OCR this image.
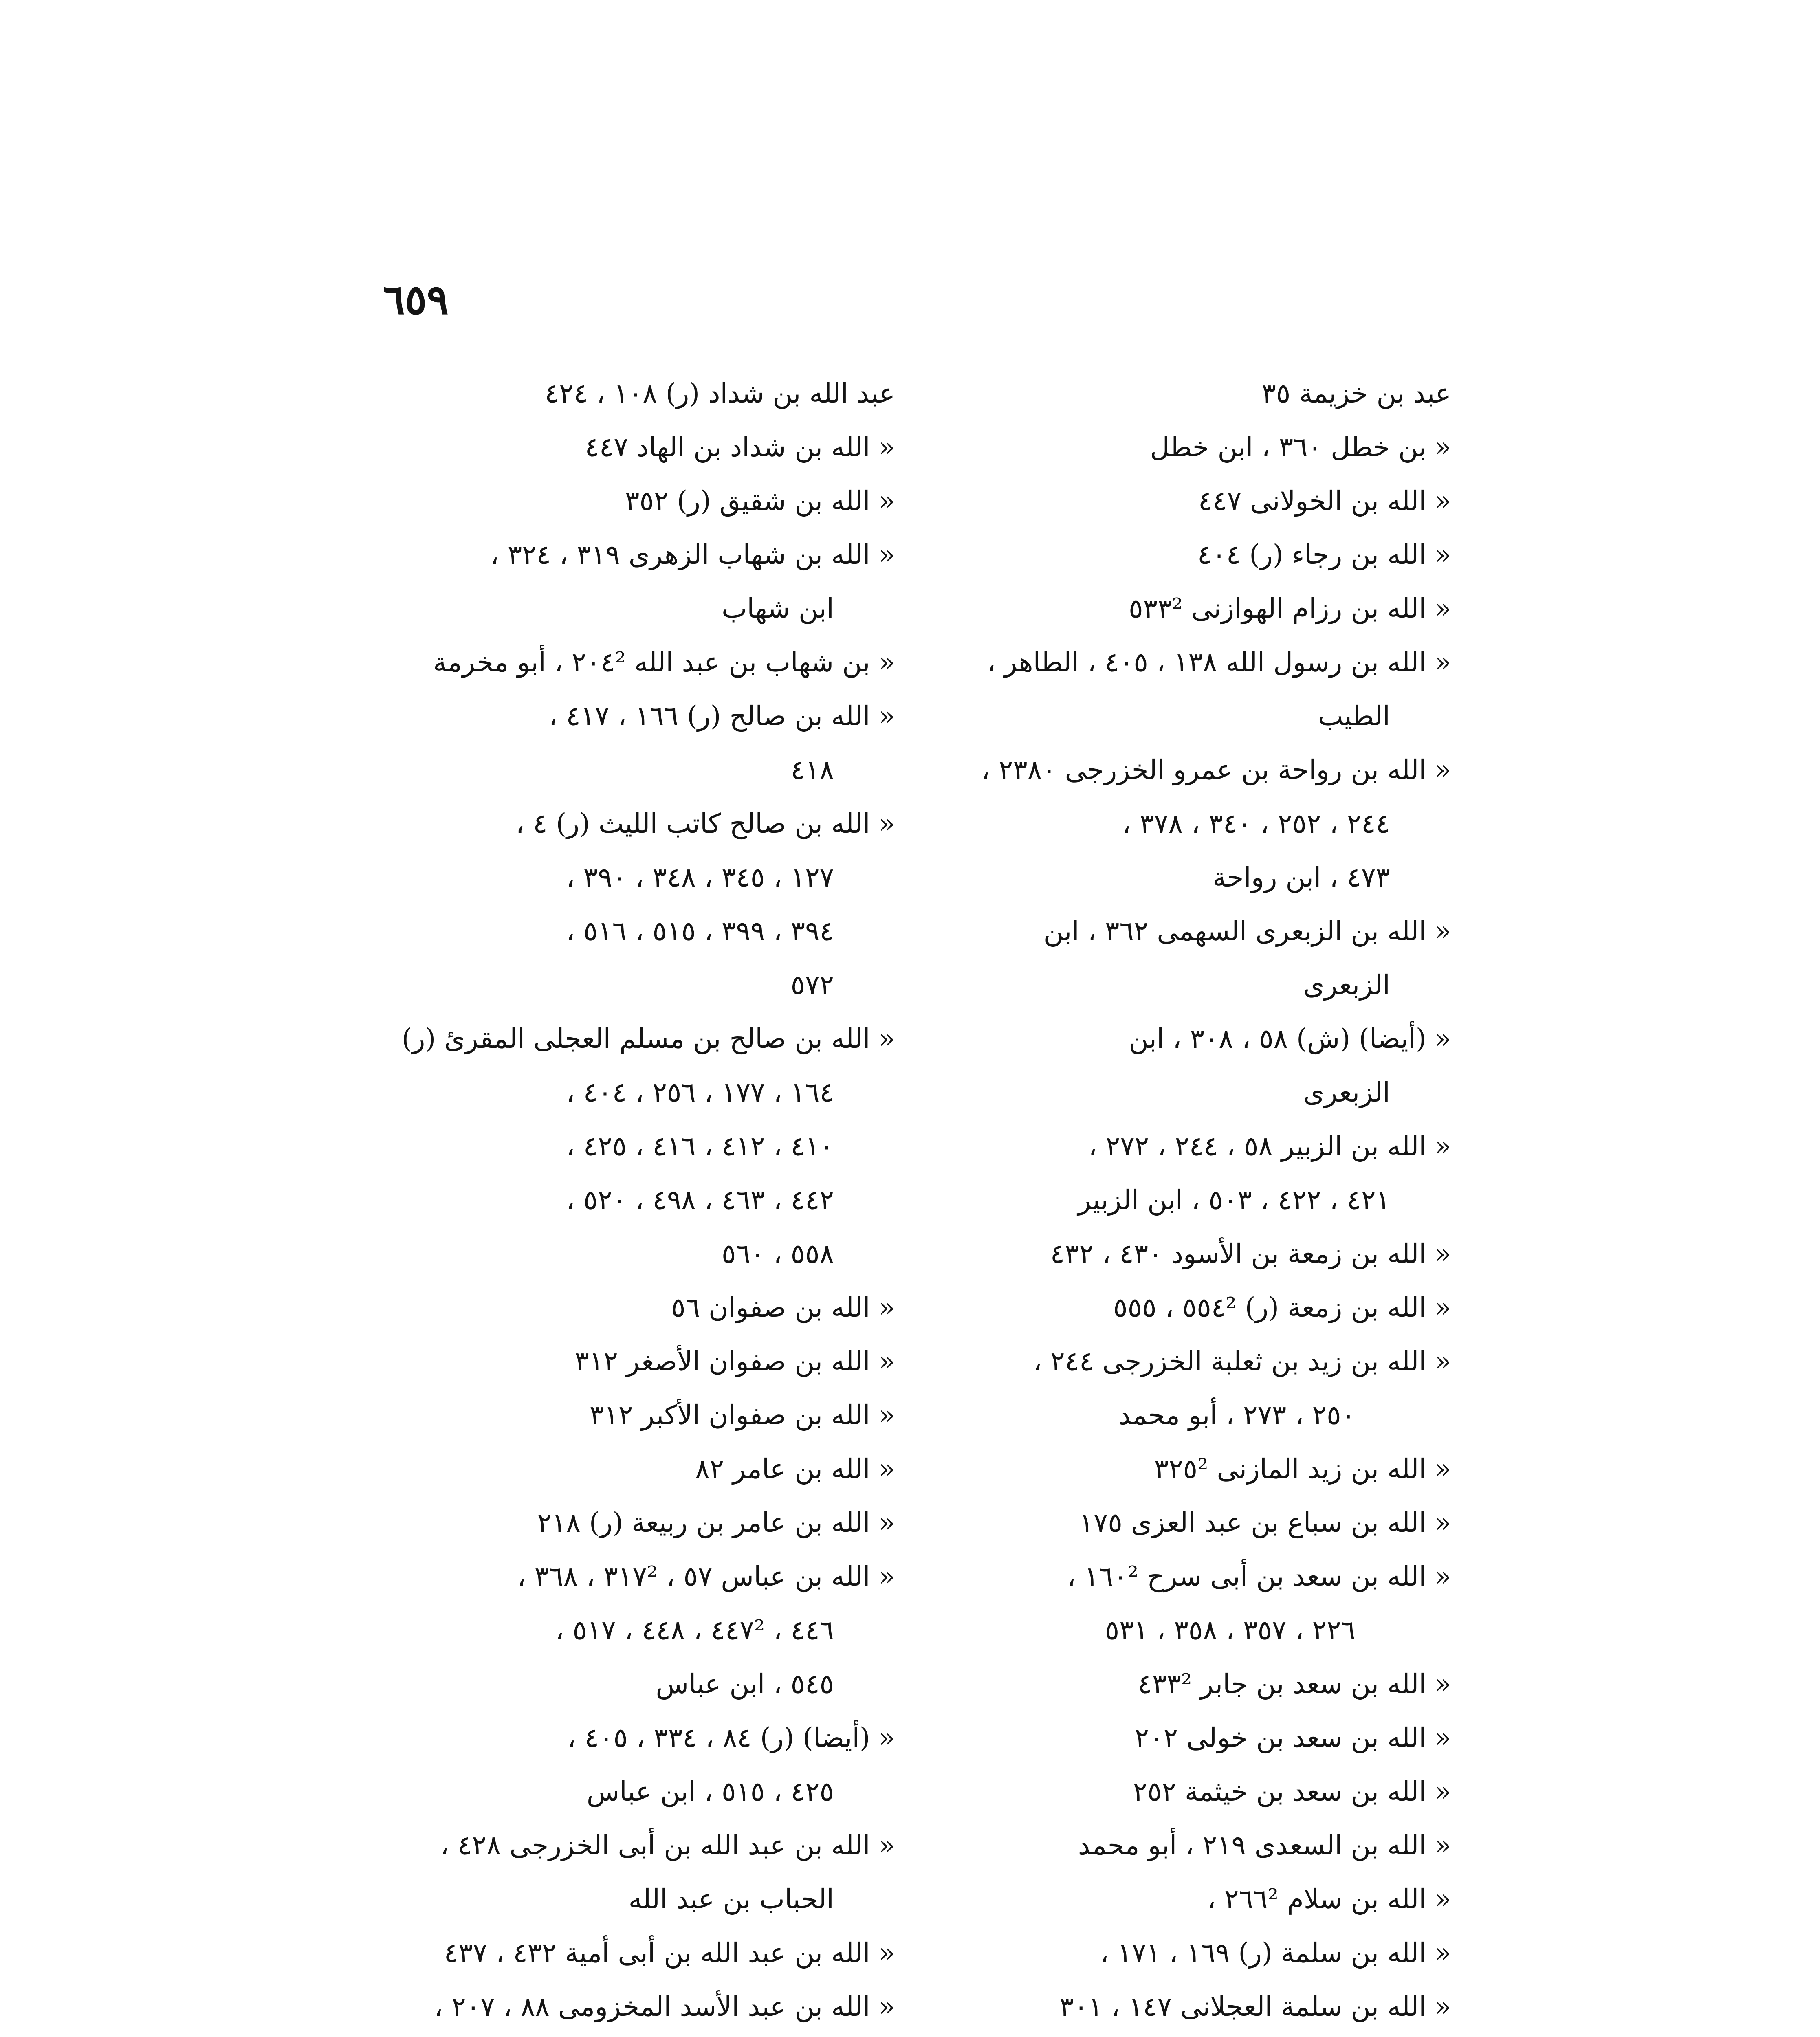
٦٥٩
عبد بن خزيمة ٣٥
« بن خطل ٣٦٠ ، ابن خطل
« الله بن الخولانى ٤٤٧
« الله بن رجاء (ر) ٤٠٤
« الله بن رزام الهوازنى ٥٣٣²
« الله بن رسول الله ١٣٨ ، ٤٠٥ ، الطاهر ،
الطيب
« الله بن رواحة بن عمرو الخزرجى ٢٣٨٠ ،
٢٤٤ ، ٢٥٢ ، ٣٤٠ ، ٣٧٨ ،
٤٧٣ ، ابن رواحة
« الله بن الزبعرى السهمى ٣٦٢ ، ابن
الزبعرى
« (أيضا) (ش) ٥٨ ، ٣٠٨ ، ابن
الزبعرى
« الله بن الزبير ٥٨ ، ٢٤٤ ، ٢٧٢ ،
٤٢١ ، ٤٢٢ ، ٥٠٣ ، ابن الزبير
« الله بن زمعة بن الأسود ٤٣٠ ، ٤٣٢
« الله بن زمعة (ر) ٥٥٤² ، ٥٥٥
« الله بن زيد بن ثعلبة الخزرجى ٢٤٤ ،
٢٥٠ ، ٢٧٣ ، أبو محمد
« الله بن زيد المازنى ٣٢٥²
« الله بن سباع بن عبد العزى ١٧٥
« الله بن سعد بن أبى سرح ١٦٠² ،
٢٢٦ ، ٣٥٧ ، ٣٥٨ ، ٥٣١
« الله بن سعد بن جابر ٤٣٣²
« الله بن سعد بن خولى ٢٠٢
« الله بن سعد بن خيثمة ٢٥٢
« الله بن السعدى ٢١٩ ، أبو محمد
« الله بن سلام ٢٦٦² ،
« الله بن سلمة (ر) ١٦٩ ، ١٧١ ،
« الله بن سلمة العجلانى ١٤٧ ، ٣٠١
عبد الله بن شداد (ر) ١٠٨ ، ٤٢٤
« الله بن شداد بن الهاد ٤٤٧
« الله بن شقيق (ر) ٣٥٢
« الله بن شهاب الزهرى ٣١٩ ، ٣٢٤ ،
ابن شهاب
« بن شهاب بن عبد الله ٢٠٤² ، أبو مخرمة
« الله بن صالح (ر) ١٦٦ ، ٤١٧ ،
٤١٨
« الله بن صالح كاتب الليث (ر) ٤ ،
١٢٧ ، ٣٤٥ ، ٣٤٨ ، ٣٩٠ ،
٣٩٤ ، ٣٩٩ ، ٥١٥ ، ٥١٦ ،
٥٧٢
« الله بن صالح بن مسلم العجلى المقرئ (ر)
١٦٤ ، ١٧٧ ، ٢٥٦ ، ٤٠٤ ،
٤١٠ ، ٤١٢ ، ٤١٦ ، ٤٢٥ ،
٤٤٢ ، ٤٦٣ ، ٤٩٨ ، ٥٢٠ ،
٥٥٨ ، ٥٦٠
« الله بن صفوان ٥٦
« الله بن صفوان الأصغر ٣١٢
« الله بن صفوان الأكبر ٣١٢
« الله بن عامر ٨٢
« الله بن عامر بن ربيعة (ر) ٢١٨
« الله بن عباس ٥٧ ، ٣١٧² ، ٣٦٨ ،
٤٤٦ ، ٤٤٧² ، ٤٤٨ ، ٥١٧ ،
٥٤٥ ، ابن عباس
« (أيضا) (ر) ٨٤ ، ٣٣٤ ، ٤٠٥ ،
٤٢٥ ، ٥١٥ ، ابن عباس
« الله بن عبد الله بن أبى الخزرجى ٤٢٨ ،
الحباب بن عبد الله
« الله بن عبد الله بن أبى أمية ٤٣٢ ، ٤٣٧
« الله بن عبد الأسد المخزومى ٨٨ ، ٢٠٧ ،
